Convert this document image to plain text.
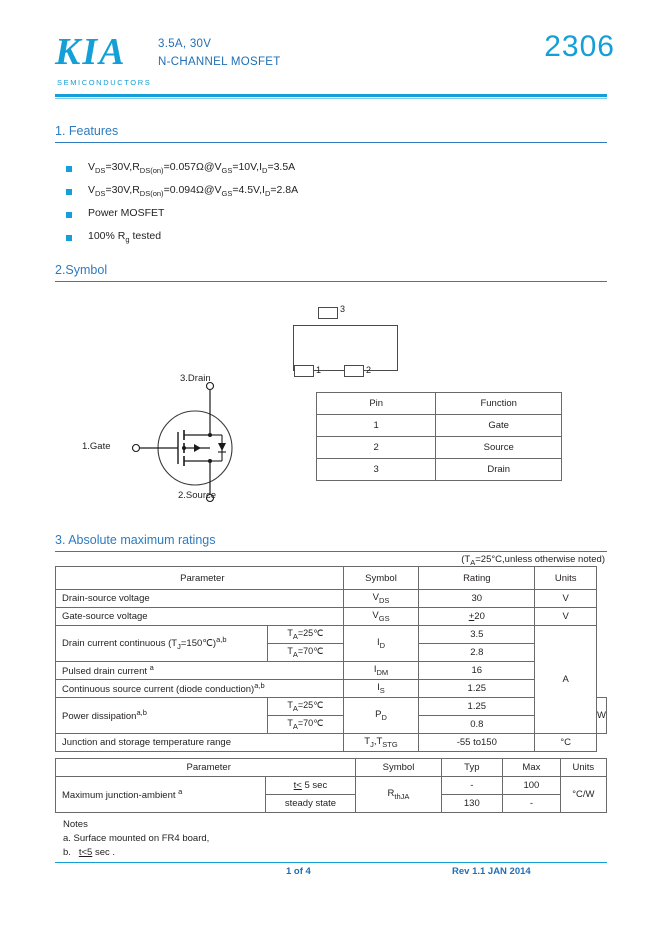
KIA
SEMICONDUCTORS
3.5A, 30V
N-CHANNEL MOSFET	2306
1. Features
$V_{DS}=30V,R_{DS(on)}=0.057\Omega@V_{GS}=10V,I_D=3.5A$
$V_{DS}=30V,R_{DS(on)}=0.094\Omega@V_{GS}=4.5V,I_D=2.8A$
Power MOSFET
100% $R_g$ tested
2.Symbol
3
1	2
3.Drain
1.Gate
2.Source
Pin	Function
1	Gate
2	Source
3	Drain
3. Absolute maximum ratings
($T_A=25^\circ C,unless$ otherwise noted)
Parameter		Symbol	Rating	Units	
Drain-source voltage		$V_{DS}$	30	V	
Gate-source voltage		$V_{GS}$	+20	V	
Drain current continuous $(T_J=150℃)^{a,b}$	$T_A=25℃$	$I_D$	3.5	A	
	$T_A=70℃$		2.8		
Pulsed drain current $^a$		$I_{DM}$	16		
Continuous source current (diode conduction)$^{a,b}$		$I_S$	1.25		
Power dissipation$^{a,b}$	$T_A=25℃$	$P_D$	1.25		W
	$T_A=70℃$		0.8		
Junction and storage temperature range		$T_J,T_{STG}$	-55 to150	°C	
Parameter		Symbol	Typ	Max	Units
Maximum junction-ambient $^a$	t< 5 sec	$R_{thJA}$	-	100	°C/W
	steady state		130	-	
Notes
a. Surface mounted on FR4 board,
b.   t<5 sec .
1 of 4	Rev 1.1 JAN 2014
